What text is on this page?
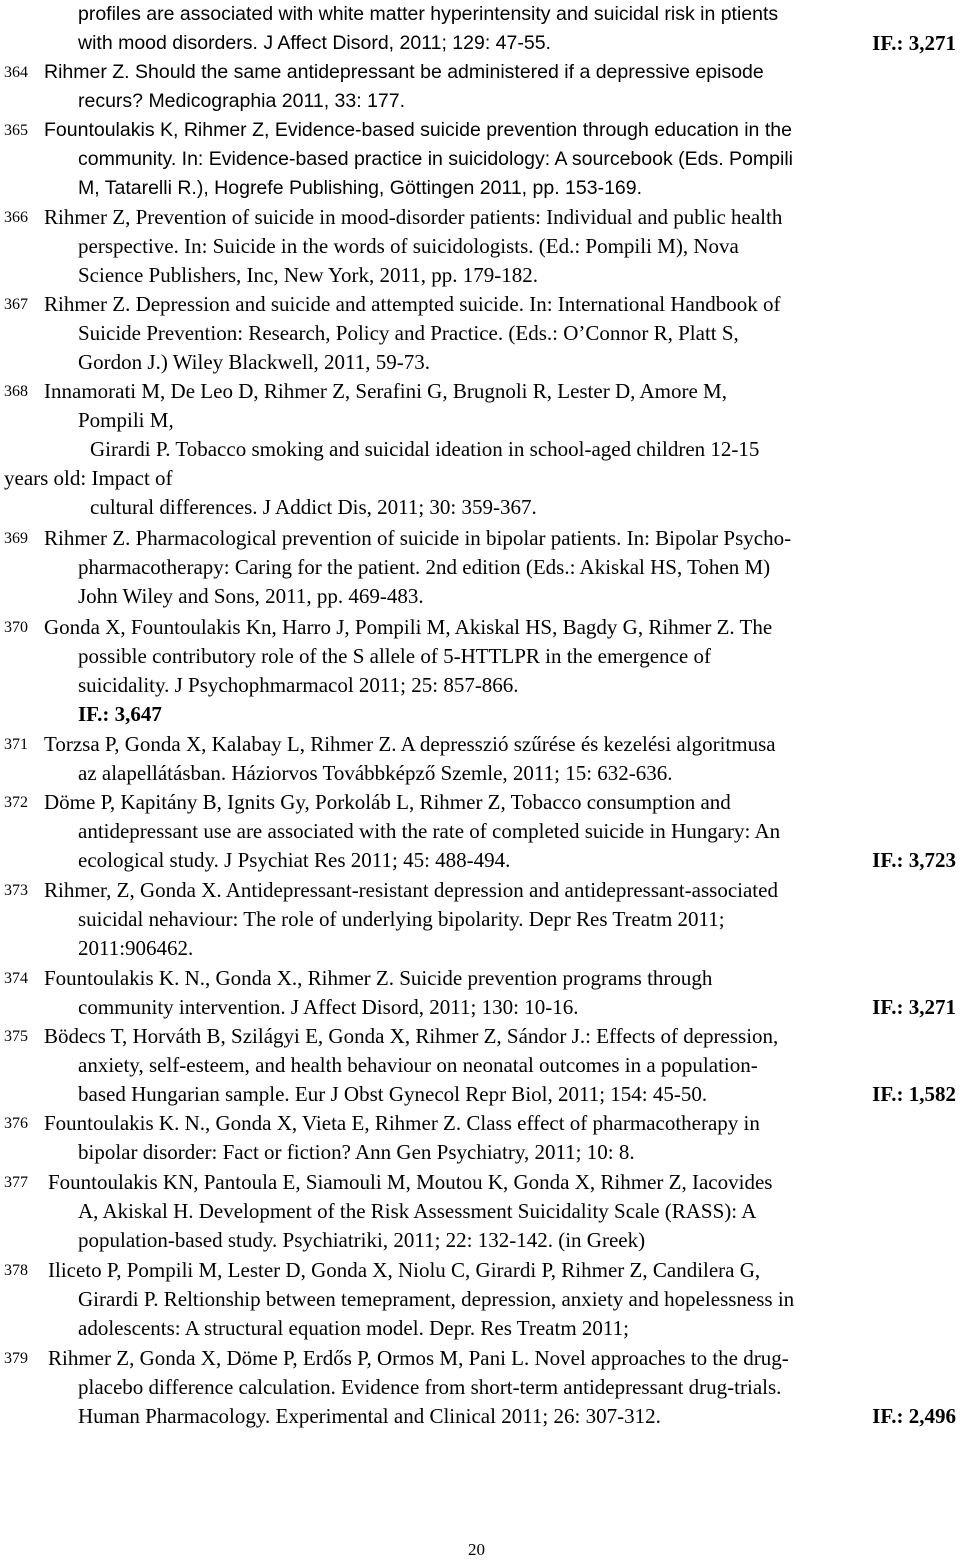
profiles are associated with white matter hyperintensity and suicidal risk in ptients
with mood disorders. J Affect Disord, 2011; 129: 47-55.	IF.: 3,271
364 Rihmer Z. Should the same antidepressant be administered if a depressive episode
recurs? Medicographia 2011, 33: 177.
365 Fountoulakis K, Rihmer Z, Evidence-based suicide prevention through education in the
community. In: Evidence-based practice in suicidology: A sourcebook (Eds. Pompili
M, Tatarelli R.), Hogrefe Publishing, Göttingen 2011, pp. 153-169.
366 Rihmer Z, Prevention of suicide in mood-disorder patients: Individual and public health
perspective. In: Suicide in the words of suicidologists. (Ed.: Pompili M), Nova
Science Publishers, Inc, New York, 2011, pp. 179-182.
367 Rihmer Z. Depression and suicide and attempted suicide. In: International Handbook of
Suicide Prevention: Research, Policy and Practice. (Eds.: O’Connor R, Platt S,
Gordon J.) Wiley Blackwell, 2011, 59-73.
368 Innamorati M, De Leo D, Rihmer Z, Serafini G, Brugnoli R, Lester D, Amore M,
Pompili M,
Girardi P. Tobacco smoking and suicidal ideation in school-aged children 12-15
years old: Impact of
cultural differences. J Addict Dis, 2011; 30: 359-367.
369 Rihmer Z. Pharmacological prevention of suicide in bipolar patients. In: Bipolar Psycho-
pharmacotherapy: Caring for the patient. 2nd edition (Eds.: Akiskal HS, Tohen M)
John Wiley and Sons, 2011, pp. 469-483.
370 Gonda X, Fountoulakis Kn, Harro J, Pompili M, Akiskal HS, Bagdy G, Rihmer Z. The
possible contributory role of the S allele of 5-HTTLPR in the emergence of
suicidality. J Psychophmarmacol 2011; 25: 857-866.
IF.: 3,647
371 Torzsa P, Gonda X, Kalabay L, Rihmer Z. A depresszió szűrése és kezelési algoritmusa
az alapellátásban. Háziorvos Továbbképző Szemle, 2011; 15: 632-636.
372 Döme P, Kapitány B, Ignits Gy, Porkoláb L, Rihmer Z, Tobacco consumption and
antidepressant use are associated with the rate of completed suicide in Hungary: An
ecological study. J Psychiat Res 2011; 45: 488-494.	IF.: 3,723
373 Rihmer, Z, Gonda X. Antidepressant-resistant depression and antidepressant-associated
suicidal nehaviour: The role of underlying bipolarity. Depr Res Treatm 2011;
2011:906462.
374 Fountoulakis K. N., Gonda X., Rihmer Z. Suicide prevention programs through
community intervention. J Affect Disord, 2011; 130: 10-16.	IF.: 3,271
375 Bödecs T, Horváth B, Szilágyi E, Gonda X, Rihmer Z, Sándor J.: Effects of depression,
anxiety, self-esteem, and health behaviour on neonatal outcomes in a population-
based Hungarian sample. Eur J Obst Gynecol Repr Biol, 2011; 154: 45-50.	IF.: 1,582
376 Fountoulakis K. N., Gonda X, Vieta E, Rihmer Z. Class effect of pharmacotherapy in
bipolar disorder: Fact or fiction? Ann Gen Psychiatry, 2011; 10: 8.
377 Fountoulakis KN, Pantoula E, Siamouli M, Moutou K, Gonda X, Rihmer Z, Iacovides
A, Akiskal H. Development of the Risk Assessment Suicidality Scale (RASS): A
population-based study. Psychiatriki, 2011; 22: 132-142. (in Greek)
378 Iliceto P, Pompili M, Lester D, Gonda X, Niolu C, Girardi P, Rihmer Z, Candilera G,
Girardi P. Reltionship between temeprament, depression, anxiety and hopelessness in
adolescents: A structural equation model. Depr. Res Treatm 2011;
379 Rihmer Z, Gonda X, Döme P, Erdős P, Ormos M, Pani L. Novel approaches to the drug-
placebo difference calculation. Evidence from short-term antidepressant drug-trials.
Human Pharmacology. Experimental and Clinical 2011; 26: 307-312.	IF.: 2,496
20
